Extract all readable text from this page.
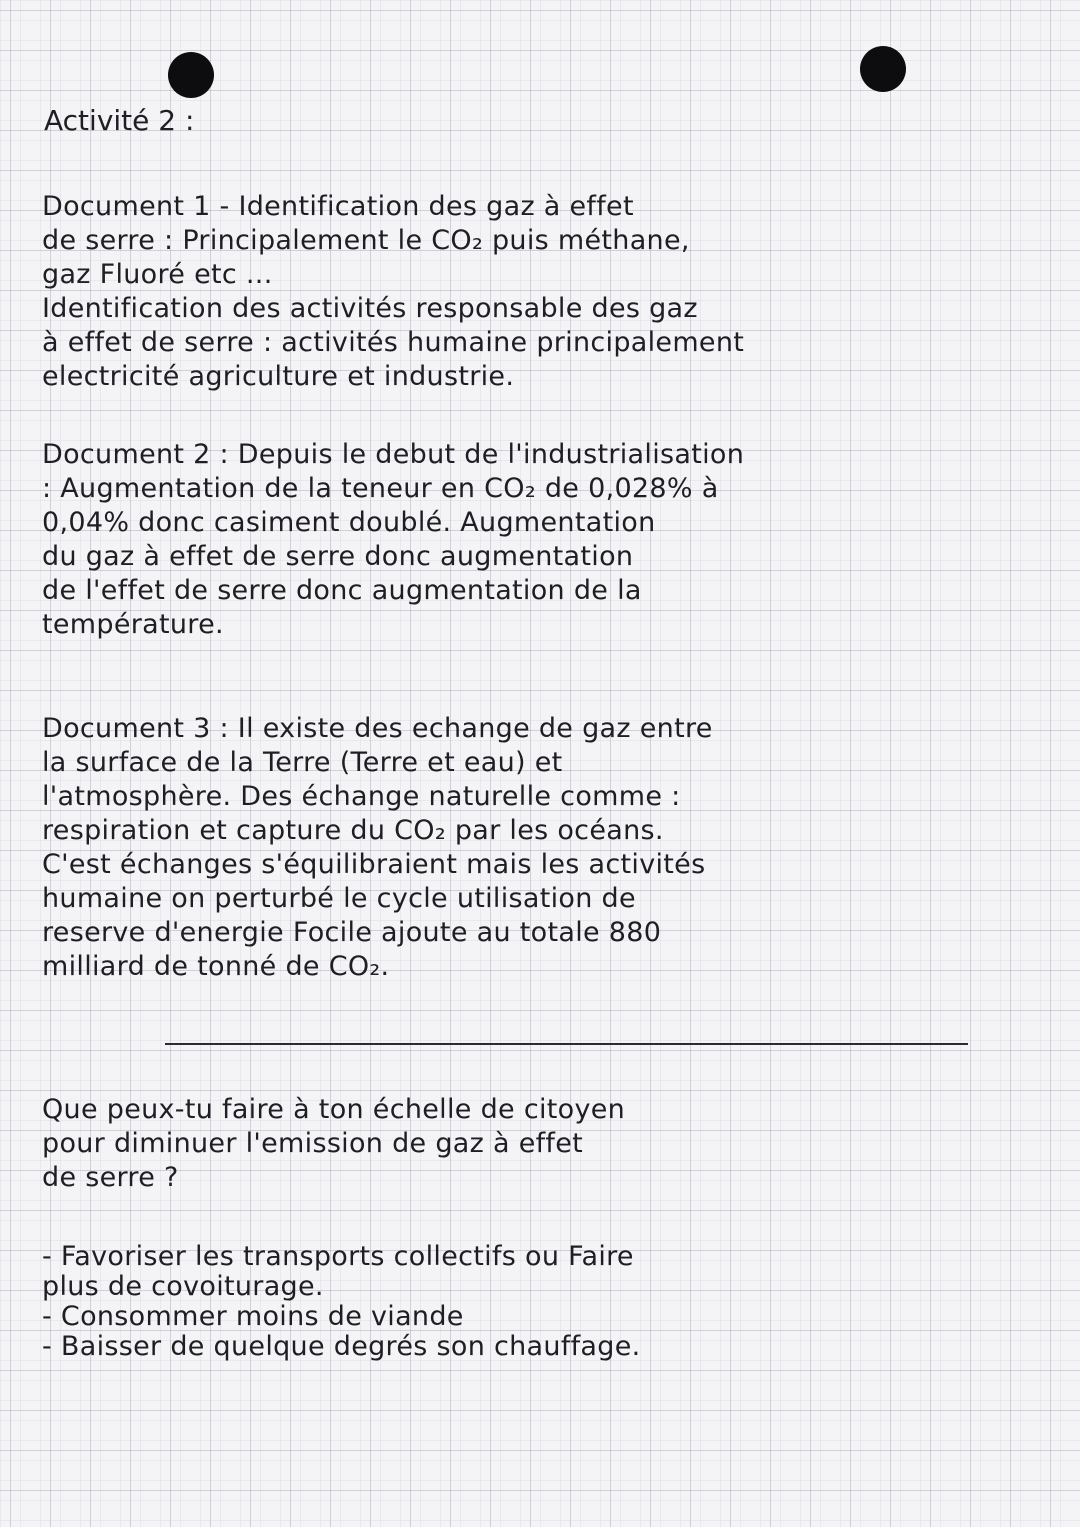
Activité 2 :
Document 1 - Identification des gaz à effet
de serre : Principalement le CO₂ puis méthane,
gaz Fluoré etc ...
Identification des activités responsable des gaz
à effet de serre : activités humaine principalement
electricité agriculture et industrie.
Document 2 : Depuis le debut de l'industrialisation
: Augmentation de la teneur en CO₂ de 0,028% à
0,04% donc casiment doublé. Augmentation
du gaz à effet de serre donc augmentation
de l'effet de serre donc augmentation de la
température.
Document 3 : Il existe des echange de gaz entre
la surface de la Terre (Terre et eau) et
l'atmosphère. Des échange naturelle comme :
respiration et capture du CO₂ par les océans.
C'est échanges s'équilibraient mais les activités
humaine on perturbé le cycle utilisation de
reserve d'energie Focile ajoute au totale 880
milliard de tonné de CO₂.
Que peux-tu faire à ton échelle de citoyen
pour diminuer l'emission de gaz à effet
de serre ?
- Favoriser les transports collectifs ou Faire
plus de covoiturage.
- Consommer moins de viande
- Baisser de quelque degrés son chauffage.
